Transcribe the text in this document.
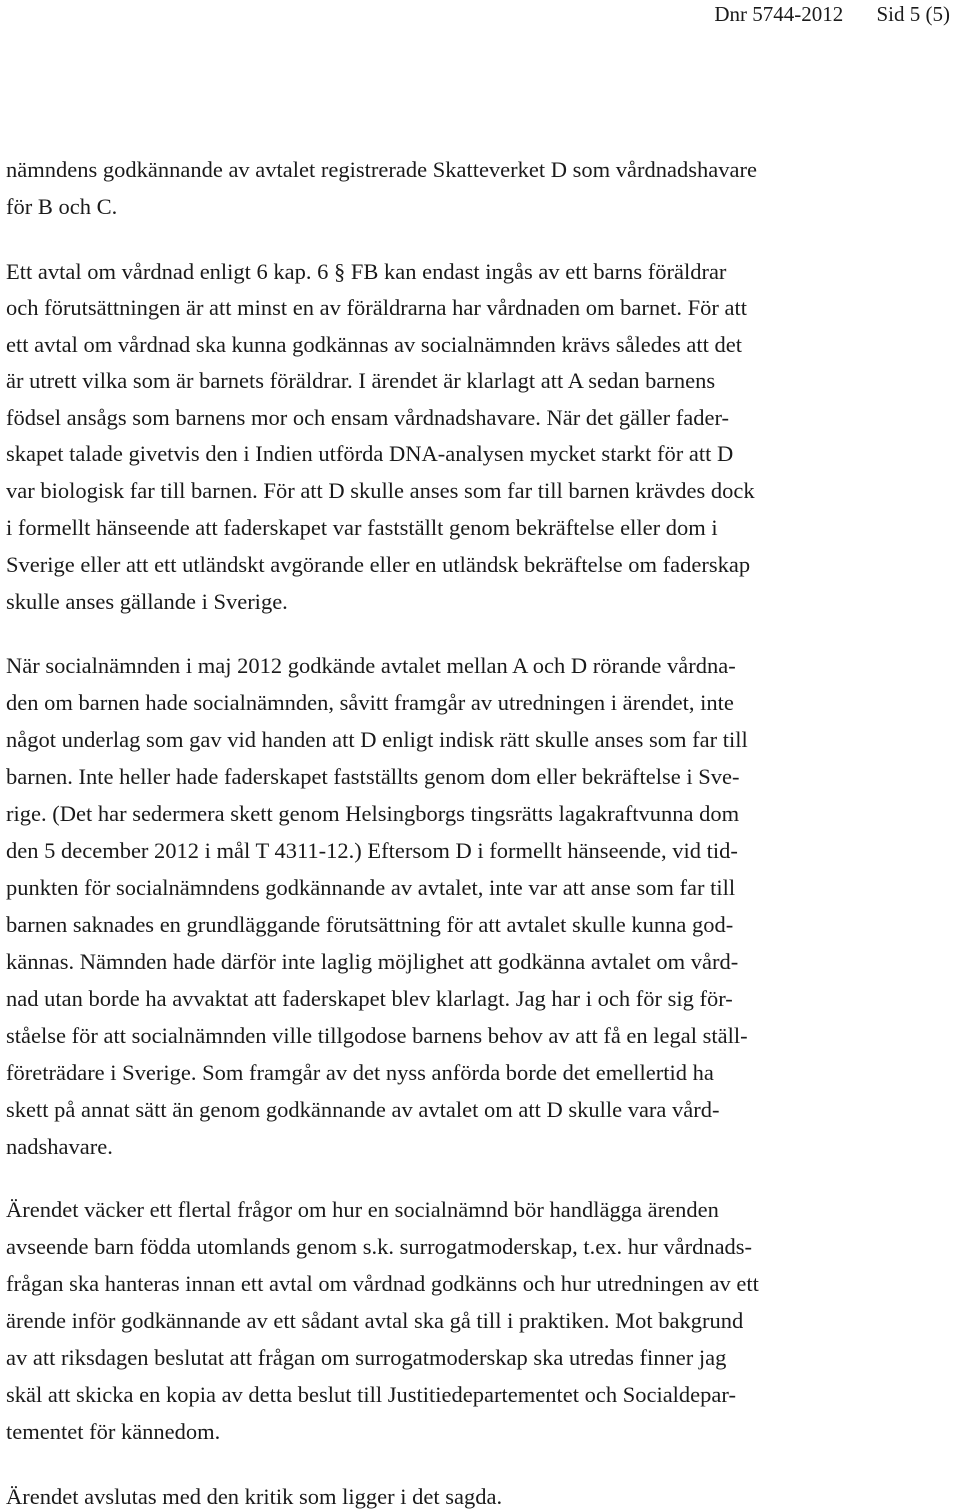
Dnr 5744-2012 Sid 5 (5)
nämndens godkännande av avtalet registrerade Skatteverket D som vårdnadshavare
för B och C.
Ett avtal om vårdnad enligt 6 kap. 6 § FB kan endast ingås av ett barns föräldrar
och förutsättningen är att minst en av föräldrarna har vårdnaden om barnet. För att
ett avtal om vårdnad ska kunna godkännas av socialnämnden krävs således att det
är utrett vilka som är barnets föräldrar. I ärendet är klarlagt att A sedan barnens
födsel ansågs som barnens mor och ensam vårdnadshavare. När det gäller fader-
skapet talade givetvis den i Indien utförda DNA-analysen mycket starkt för att D
var biologisk far till barnen. För att D skulle anses som far till barnen krävdes dock
i formellt hänseende att faderskapet var fastställt genom bekräftelse eller dom i
Sverige eller att ett utländskt avgörande eller en utländsk bekräftelse om faderskap
skulle anses gällande i Sverige.
När socialnämnden i maj 2012 godkände avtalet mellan A och D rörande vårdna-
den om barnen hade socialnämnden, såvitt framgår av utredningen i ärendet, inte
något underlag som gav vid handen att D enligt indisk rätt skulle anses som far till
barnen. Inte heller hade faderskapet fastställts genom dom eller bekräftelse i Sve-
rige. (Det har sedermera skett genom Helsingborgs tingsrätts lagakraftvunna dom
den 5 december 2012 i mål T 4311-12.) Eftersom D i formellt hänseende, vid tid-
punkten för socialnämndens godkännande av avtalet, inte var att anse som far till
barnen saknades en grundläggande förutsättning för att avtalet skulle kunna god-
kännas. Nämnden hade därför inte laglig möjlighet att godkänna avtalet om vård-
nad utan borde ha avvaktat att faderskapet blev klarlagt. Jag har i och för sig för-
ståelse för att socialnämnden ville tillgodose barnens behov av att få en legal ställ-
företrädare i Sverige. Som framgår av det nyss anförda borde det emellertid ha
skett på annat sätt än genom godkännande av avtalet om att D skulle vara vård-
nadshavare.
Ärendet väcker ett flertal frågor om hur en socialnämnd bör handlägga ärenden
avseende barn födda utomlands genom s.k. surrogatmoderskap, t.ex. hur vårdnads-
frågan ska hanteras innan ett avtal om vårdnad godkänns och hur utredningen av ett
ärende inför godkännande av ett sådant avtal ska gå till i praktiken. Mot bakgrund
av att riksdagen beslutat att frågan om surrogatmoderskap ska utredas finner jag
skäl att skicka en kopia av detta beslut till Justitiedepartementet och Socialdepar-
tementet för kännedom.
Ärendet avslutas med den kritik som ligger i det sagda.
